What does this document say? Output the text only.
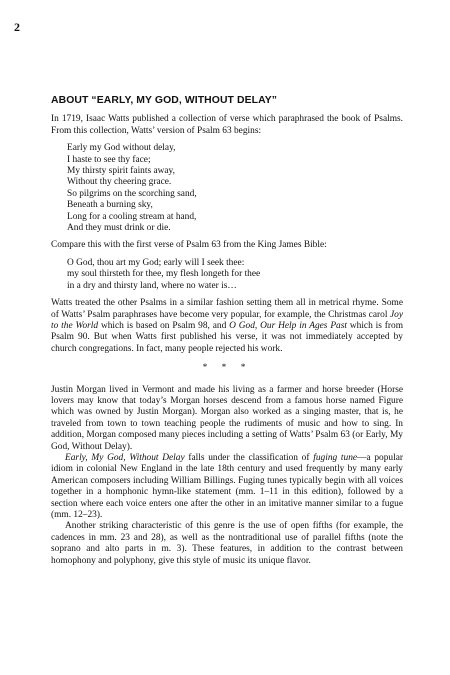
2
ABOUT “EARLY, MY GOD, WITHOUT DELAY”

In 1719, Isaac Watts published a collection of verse which paraphrased the book of Psalms. From this collection, Watts’ version of Psalm 63 begins:

Early my God without delay,
I haste to see thy face;
My thirsty spirit faints away,
Without thy cheering grace.
So pilgrims on the scorching sand,
Beneath a burning sky,
Long for a cooling stream at hand,
And they must drink or die.

Compare this with the first verse of Psalm 63 from the King James Bible:

O God, thou art my God; early will I seek thee:
my soul thirsteth for thee, my flesh longeth for thee
in a dry and thirsty land, where no water is…

Watts treated the other Psalms in a similar fashion setting them all in metrical rhyme. Some of Watts’ Psalm paraphrases have become very popular, for example, the Christmas carol Joy to the World which is based on Psalm 98, and O God, Our Help in Ages Past which is from Psalm 90. But when Watts first published his verse, it was not immediately accepted by church congregations. In fact, many people rejected his work.

* * *

Justin Morgan lived in Vermont and made his living as a farmer and horse breeder (Horse lovers may know that today’s Morgan horses descend from a famous horse named Figure which was owned by Justin Morgan). Morgan also worked as a singing master, that is, he traveled from town to town teaching people the rudiments of music and how to sing. In addition, Morgan composed many pieces including a setting of Watts’ Psalm 63 (or Early, My God, Without Delay).

Early, My God, Without Delay falls under the classification of fuging tune—a popular idiom in colonial New England in the late 18th century and used frequently by many early American composers including William Billings. Fuging tunes typically begin with all voices together in a homphonic hymn-like statement (mm. 1–11 in this edition), followed by a section where each voice enters one after the other in an imitative manner similar to a fugue (mm. 12–23).

Another striking characteristic of this genre is the use of open fifths (for example, the cadences in mm. 23 and 28), as well as the nontraditional use of parallel fifths (note the soprano and alto parts in m. 3). These features, in addition to the contrast between homophony and polyphony, give this style of music its unique flavor.
